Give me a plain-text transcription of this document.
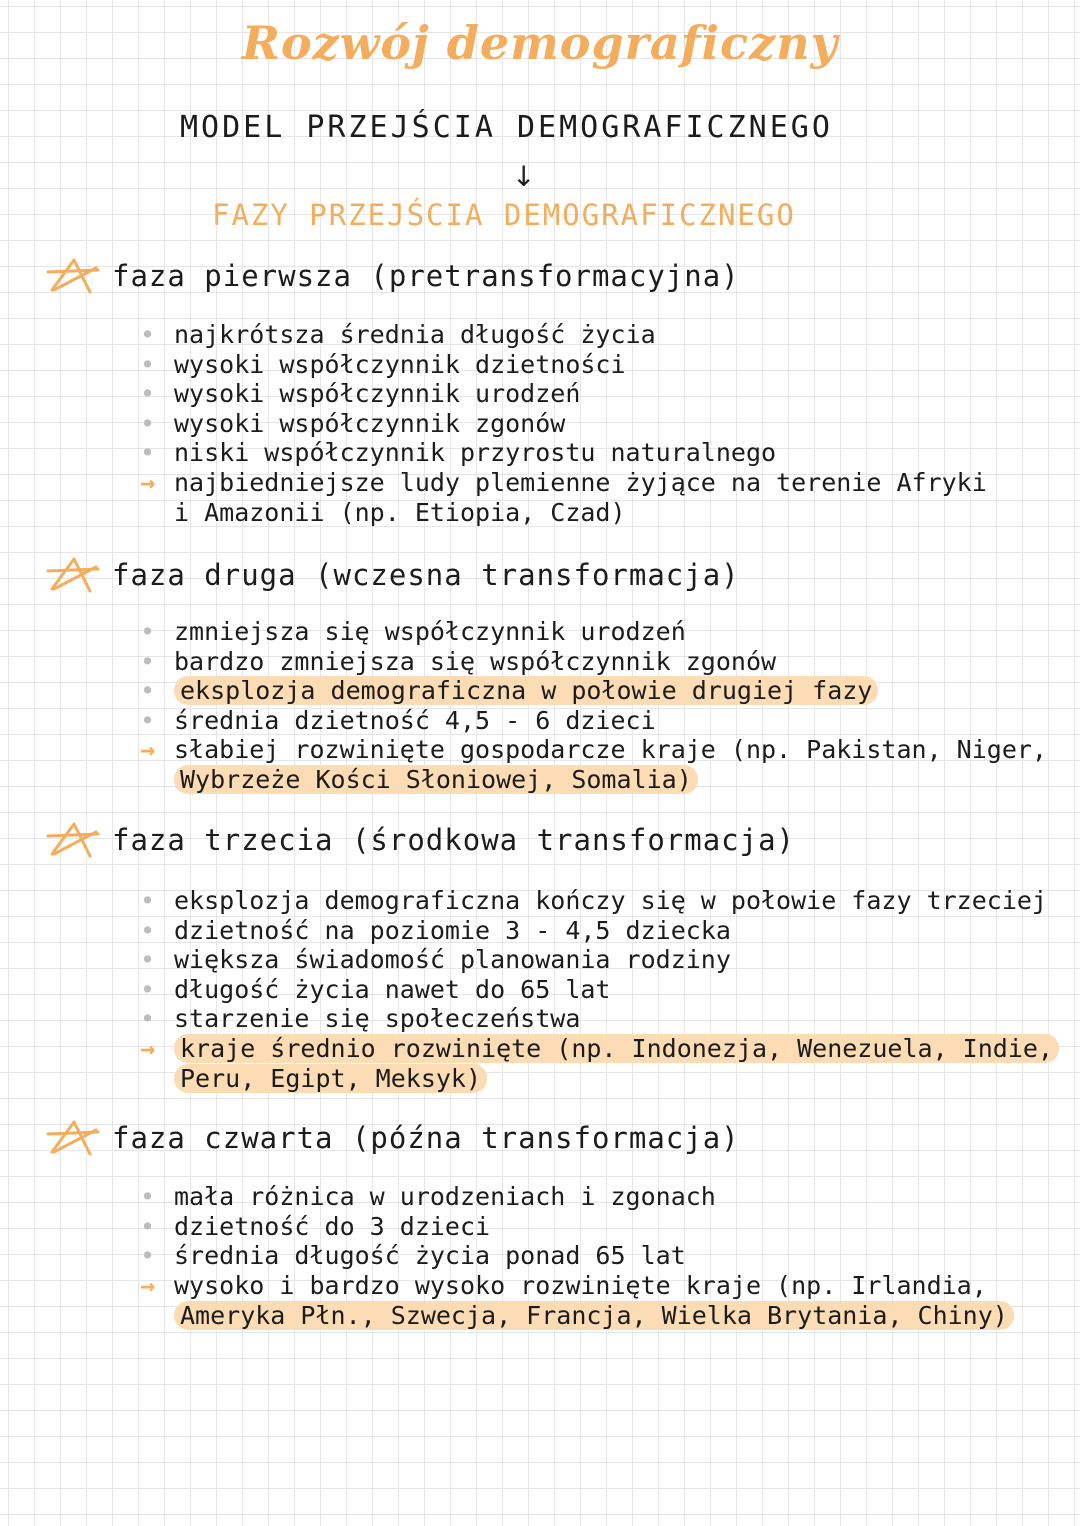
Rozwój demograficzny
MODEL PRZEJŚCIA DEMOGRAFICZNEGO
↓
FAZY PRZEJŚCIA DEMOGRAFICZNEGO
faza pierwsza (pretransformacyjna)
• najkrótsza średnia długość życia
• wysoki współczynnik dzietności
• wysoki współczynnik urodzeń
• wysoki współczynnik zgonów
• niski współczynnik przyrostu naturalnego
→ najbiedniejsze ludy plemienne żyjące na terenie Afryki
i Amazonii (np. Etiopia, Czad)
faza druga (wczesna transformacja)
• zmniejsza się współczynnik urodzeń
• bardzo zmniejsza się współczynnik zgonów
• eksplozja demograficzna w połowie drugiej fazy
• średnia dzietność 4,5 - 6 dzieci
→ słabiej rozwinięte gospodarcze kraje (np. Pakistan, Niger,
Wybrzeże Kości Słoniowej, Somalia)
faza trzecia (środkowa transformacja)
• eksplozja demograficzna kończy się w połowie fazy trzeciej
• dzietność na poziomie 3 - 4,5 dziecka
• większa świadomość planowania rodziny
• długość życia nawet do 65 lat
• starzenie się społeczeństwa
→ kraje średnio rozwinięte (np. Indonezja, Wenezuela, Indie,
Peru, Egipt, Meksyk)
faza czwarta (późna transformacja)
• mała różnica w urodzeniach i zgonach
• dzietność do 3 dzieci
• średnia długość życia ponad 65 lat
→ wysoko i bardzo wysoko rozwinięte kraje (np. Irlandia,
Ameryka Płn., Szwecja, Francja, Wielka Brytania, Chiny)
